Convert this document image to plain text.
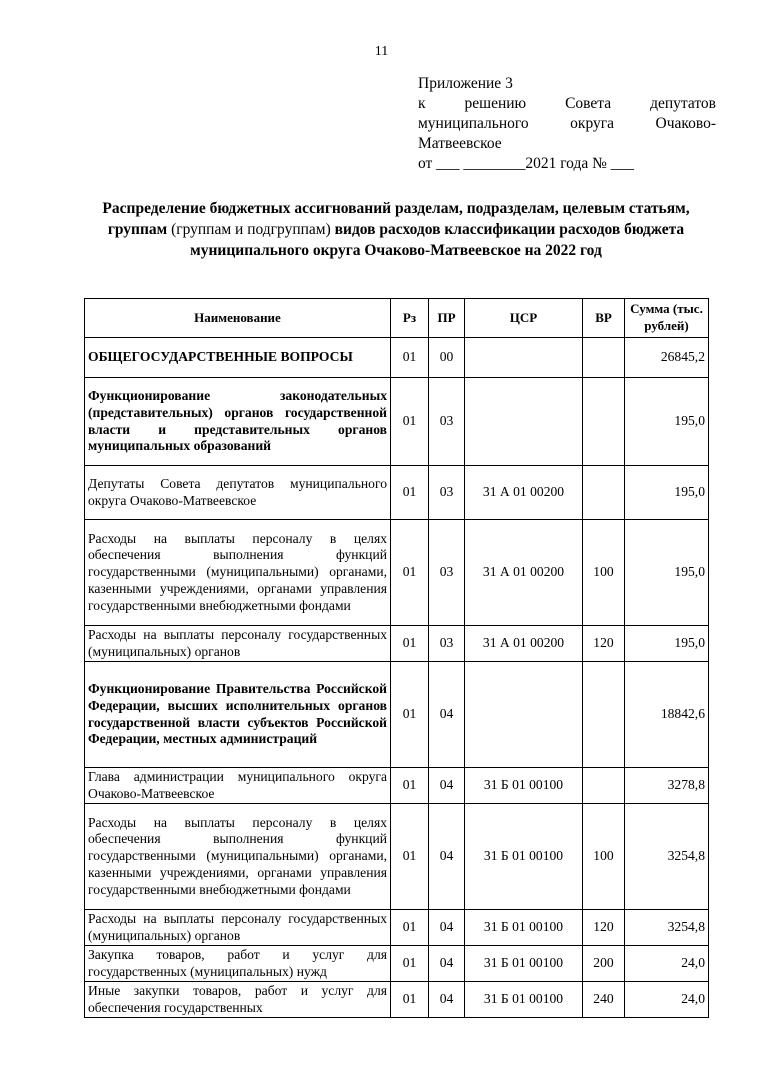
11
Приложение 3
к решению Совета депутатов
муниципального округа Очаково-
Матвеевское
от ___ ________2021 года № ___
Распределение бюджетных ассигнований разделам, подразделам, целевым статьям, группам (группам и подгруппам) видов расходов классификации расходов бюджета муниципального округа Очаково-Матвеевское на 2022 год
Наименование	Рз	ПР	ЦСР	ВР	Сумма (тыс. рублей)
ОБЩЕГОСУДАРСТВЕННЫЕ ВОПРОСЫ	01	00			26845,2
Функционирование законодательных (представительных) органов государственной власти и представительных органов муниципальных образований	01	03			195,0
Депутаты Совета депутатов муниципального округа Очаково-Матвеевское	01	03	31 А 01 00200		195,0
Расходы на выплаты персоналу в целях обеспечения выполнения функций государственными (муниципальными) органами, казенными учреждениями, органами управления государственными внебюджетными фондами	01	03	31 А 01 00200	100	195,0
Расходы на выплаты персоналу государственных (муниципальных) органов	01	03	31 А 01 00200	120	195,0
Функционирование Правительства Российской Федерации, высших исполнительных органов государственной власти субъектов Российской Федерации, местных администраций	01	04			18842,6
Глава администрации муниципального округа Очаково-Матвеевское	01	04	31 Б 01 00100		3278,8
Расходы на выплаты персоналу в целях обеспечения выполнения функций государственными (муниципальными) органами, казенными учреждениями, органами управления государственными внебюджетными фондами	01	04	31 Б 01 00100	100	3254,8
Расходы на выплаты персоналу государственных (муниципальных) органов	01	04	31 Б 01 00100	120	3254,8
Закупка товаров, работ и услуг для государственных (муниципальных) нужд	01	04	31 Б 01 00100	200	24,0
Иные закупки товаров, работ и услуг для обеспечения государственных	01	04	31 Б 01 00100	240	24,0
